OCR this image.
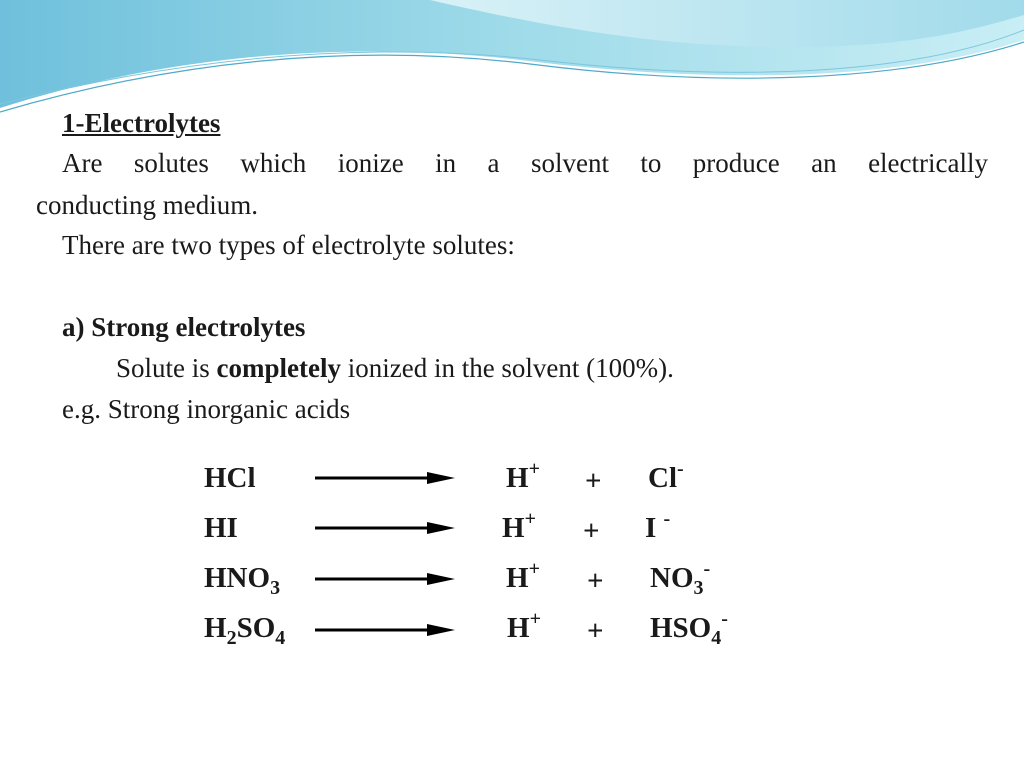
1-Electrolytes
Are solutes which ionize in a solvent to produce an electrically
conducting medium.
There are two types of electrolyte solutes:
a) Strong electrolytes
Solute is completely ionized in the solvent (100%).
e.g. Strong inorganic acids
HCl	H+ + Cl-
HI	H+ + I -
$HNO_3$	$H^+ + NO_3^-$
$H_2SO_4$	$H^+ + HSO_4^-$
